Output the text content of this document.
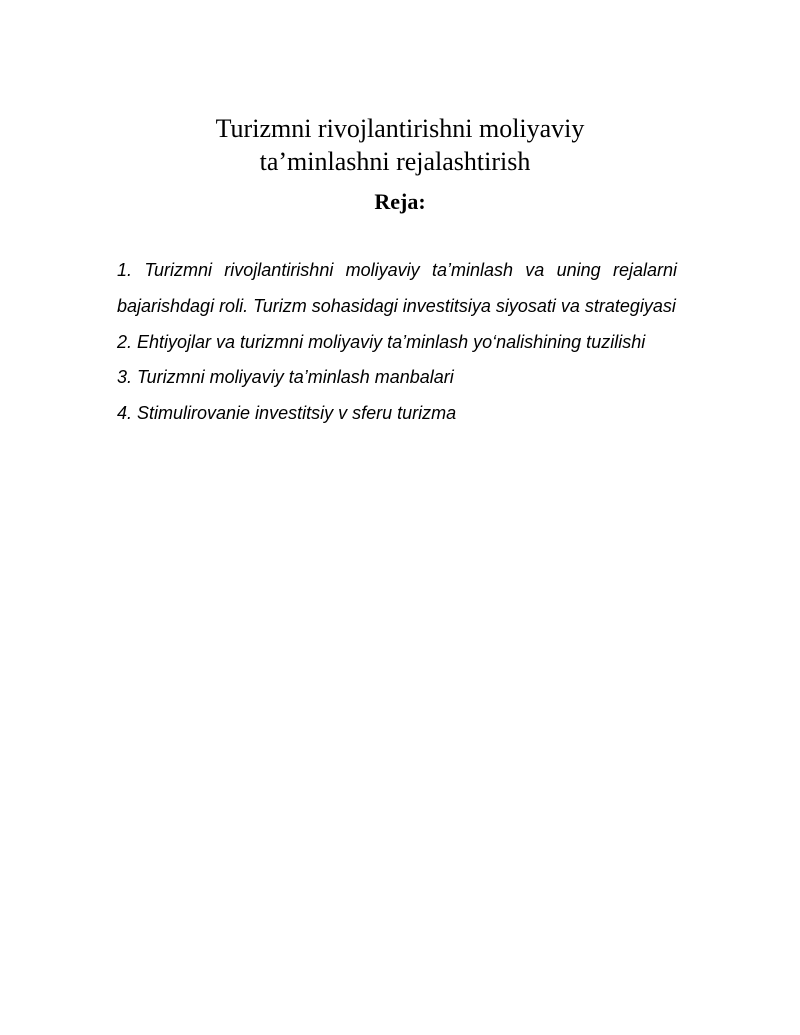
Turizmni rivojlantirishni moliyaviy
ta’minlashni rejalashtirish
Reja:

1. Turizmni rivojlantirishni moliyaviy ta’minlash va uning rejalarni bajarishdagi roli. Turizm sohasidagi investitsiya siyosati va strategiyasi

2. Ehtiyojlar va turizmni moliyaviy ta’minlash yo‘nalishining tuzilishi

3. Turizmni moliyaviy ta’minlash manbalari

4. Stimulirovanie investitsiy v sferu turizma
